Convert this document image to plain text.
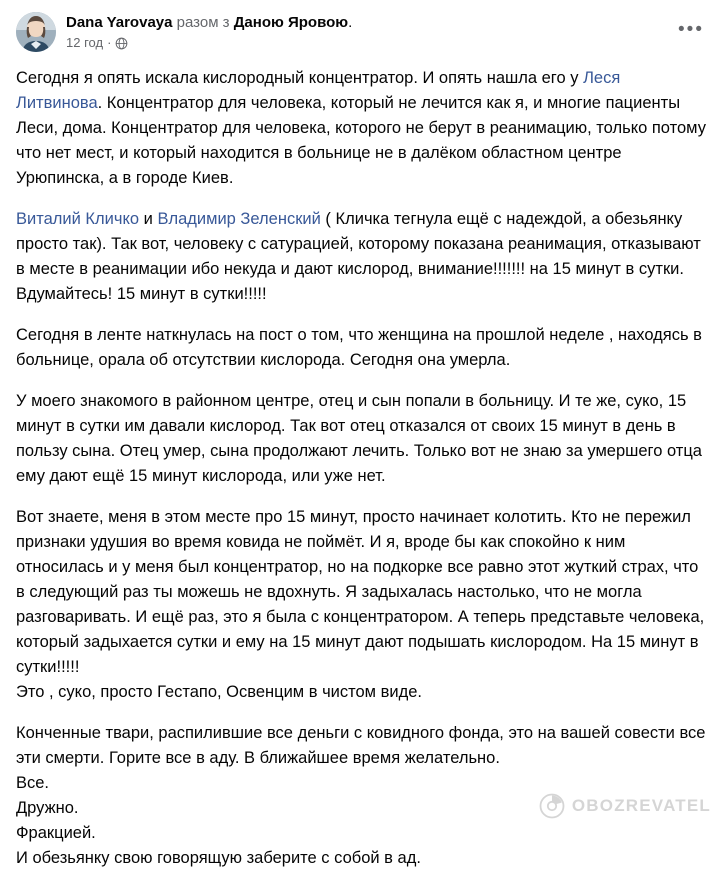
Dana Yarovaya разом з Даною Яровою.
12 год ·
•••

Сегодня я опять искала кислородный концентратор. И опять нашла его у Леся Литвинова. Концентратор для человека, который не лечится как я, и многие пациенты Леси, дома. Концентратор для человека, которого не берут в реанимацию, только потому что нет мест, и который находится в больнице не в далёком областном центре Урюпинска, а в городе Киев.

Виталий Кличко и Владимир Зеленский ( Кличка тегнула ещё с надеждой, а обезьянку просто так). Так вот, человеку с сатурацией, которому показана реанимация, отказывают в месте в реанимации ибо некуда и дают кислород, внимание!!!!!!! на 15 минут в сутки. Вдумайтесь! 15 минут в сутки!!!!!

Сегодня в ленте наткнулась на пост о том, что женщина на прошлой неделе , находясь в больнице, орала об отсутствии кислорода. Сегодня она умерла.

У моего знакомого в районном центре, отец и сын попали в больницу. И те же, суко, 15 минут в сутки им давали кислород. Так вот отец отказался от своих 15 минут в день в пользу сына. Отец умер, сына продолжают лечить. Только вот не знаю за умершего отца ему дают ещё 15 минут кислорода, или уже нет.

Вот знаете, меня в этом месте про 15 минут, просто начинает колотить. Кто не пережил признаки удушия во время ковида не поймёт. И я, вроде бы как спокойно к ним относилась и у меня был концентратор, но на подкорке все равно этот жуткий страх, что в следующий раз ты можешь не вдохнуть. Я задыхалась настолько, что не могла разговаривать. И ещё раз, это я была с концентратором. А теперь представьте человека, который задыхается сутки и ему на 15 минут дают подышать кислородом. На 15 минут в сутки!!!!!

Это , суко, просто Гестапо, Освенцим в чистом виде.

Конченные твари, распилившие все деньги с ковидного фонда, это на вашей совести все эти смерти. Горите все в аду. В ближайшее время желательно.

Все.

Дружно.

Фракцией.

И обезьянку свою говорящую заберите с собой в ад.

OBOZREVATEL
